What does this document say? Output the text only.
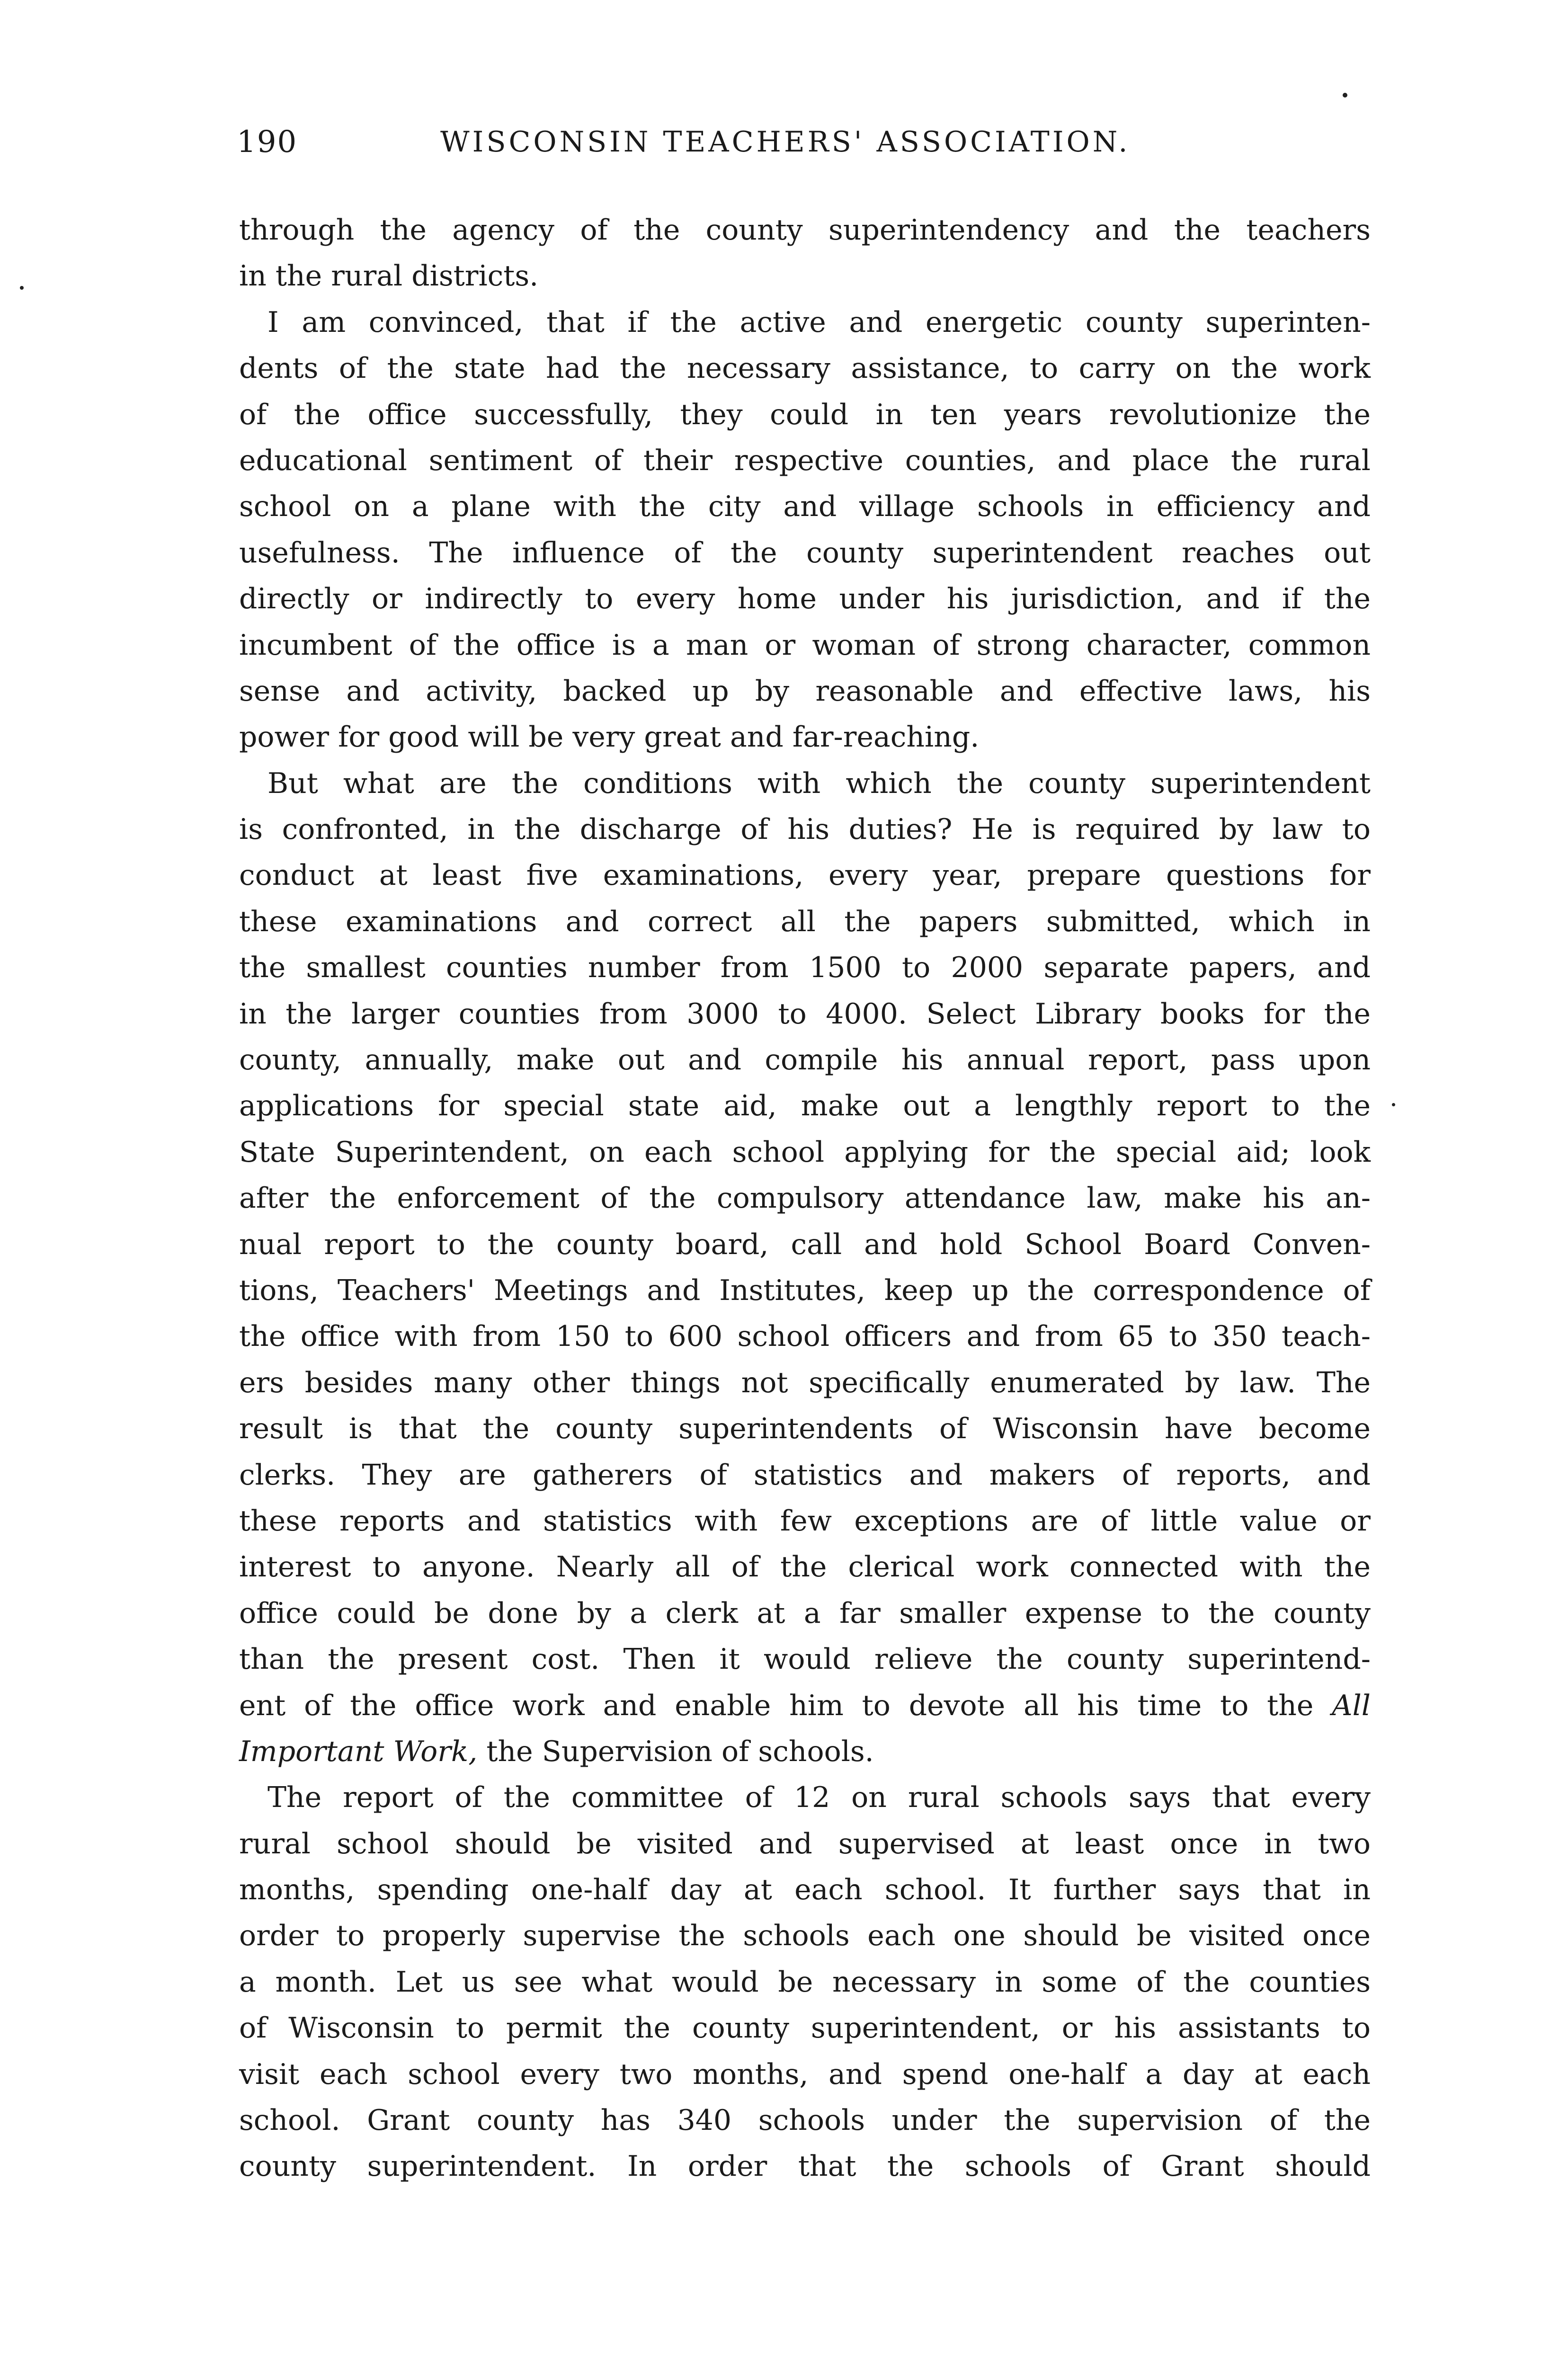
190	WISCONSIN TEACHERS' ASSOCIATION.
through the agency of the county superintendency and the teachers
in the rural districts.
I am convinced, that if the active and energetic county superinten-
dents of the state had the necessary assistance, to carry on the work
of the office successfully, they could in ten years revolutionize the
educational sentiment of their respective counties, and place the rural
school on a plane with the city and village schools in efficiency and
usefulness. The influence of the county superintendent reaches out
directly or indirectly to every home under his jurisdiction, and if the
incumbent of the office is a man or woman of strong character, common
sense and activity, backed up by reasonable and effective laws, his
power for good will be very great and far-reaching.
But what are the conditions with which the county superintendent
is confronted, in the discharge of his duties? He is required by law to
conduct at least five examinations, every year, prepare questions for
these examinations and correct all the papers submitted, which in
the smallest counties number from 1500 to 2000 separate papers, and
in the larger counties from 3000 to 4000. Select Library books for the
county, annually, make out and compile his annual report, pass upon
applications for special state aid, make out a lengthly report to the
State Superintendent, on each school applying for the special aid; look
after the enforcement of the compulsory attendance law, make his an-
nual report to the county board, call and hold School Board Conven-
tions, Teachers' Meetings and Institutes, keep up the correspondence of
the office with from 150 to 600 school officers and from 65 to 350 teach-
ers besides many other things not specifically enumerated by law. The
result is that the county superintendents of Wisconsin have become
clerks. They are gatherers of statistics and makers of reports, and
these reports and statistics with few exceptions are of little value or
interest to anyone. Nearly all of the clerical work connected with the
office could be done by a clerk at a far smaller expense to the county
than the present cost. Then it would relieve the county superintend-
ent of the office work and enable him to devote all his time to the All
Important Work, the Supervision of schools.
The report of the committee of 12 on rural schools says that every
rural school should be visited and supervised at least once in two
months, spending one-half day at each school. It further says that in
order to properly supervise the schools each one should be visited once
a month. Let us see what would be necessary in some of the counties
of Wisconsin to permit the county superintendent, or his assistants to
visit each school every two months, and spend one-half a day at each
school. Grant county has 340 schools under the supervision of the
county superintendent. In order that the schools of Grant should
